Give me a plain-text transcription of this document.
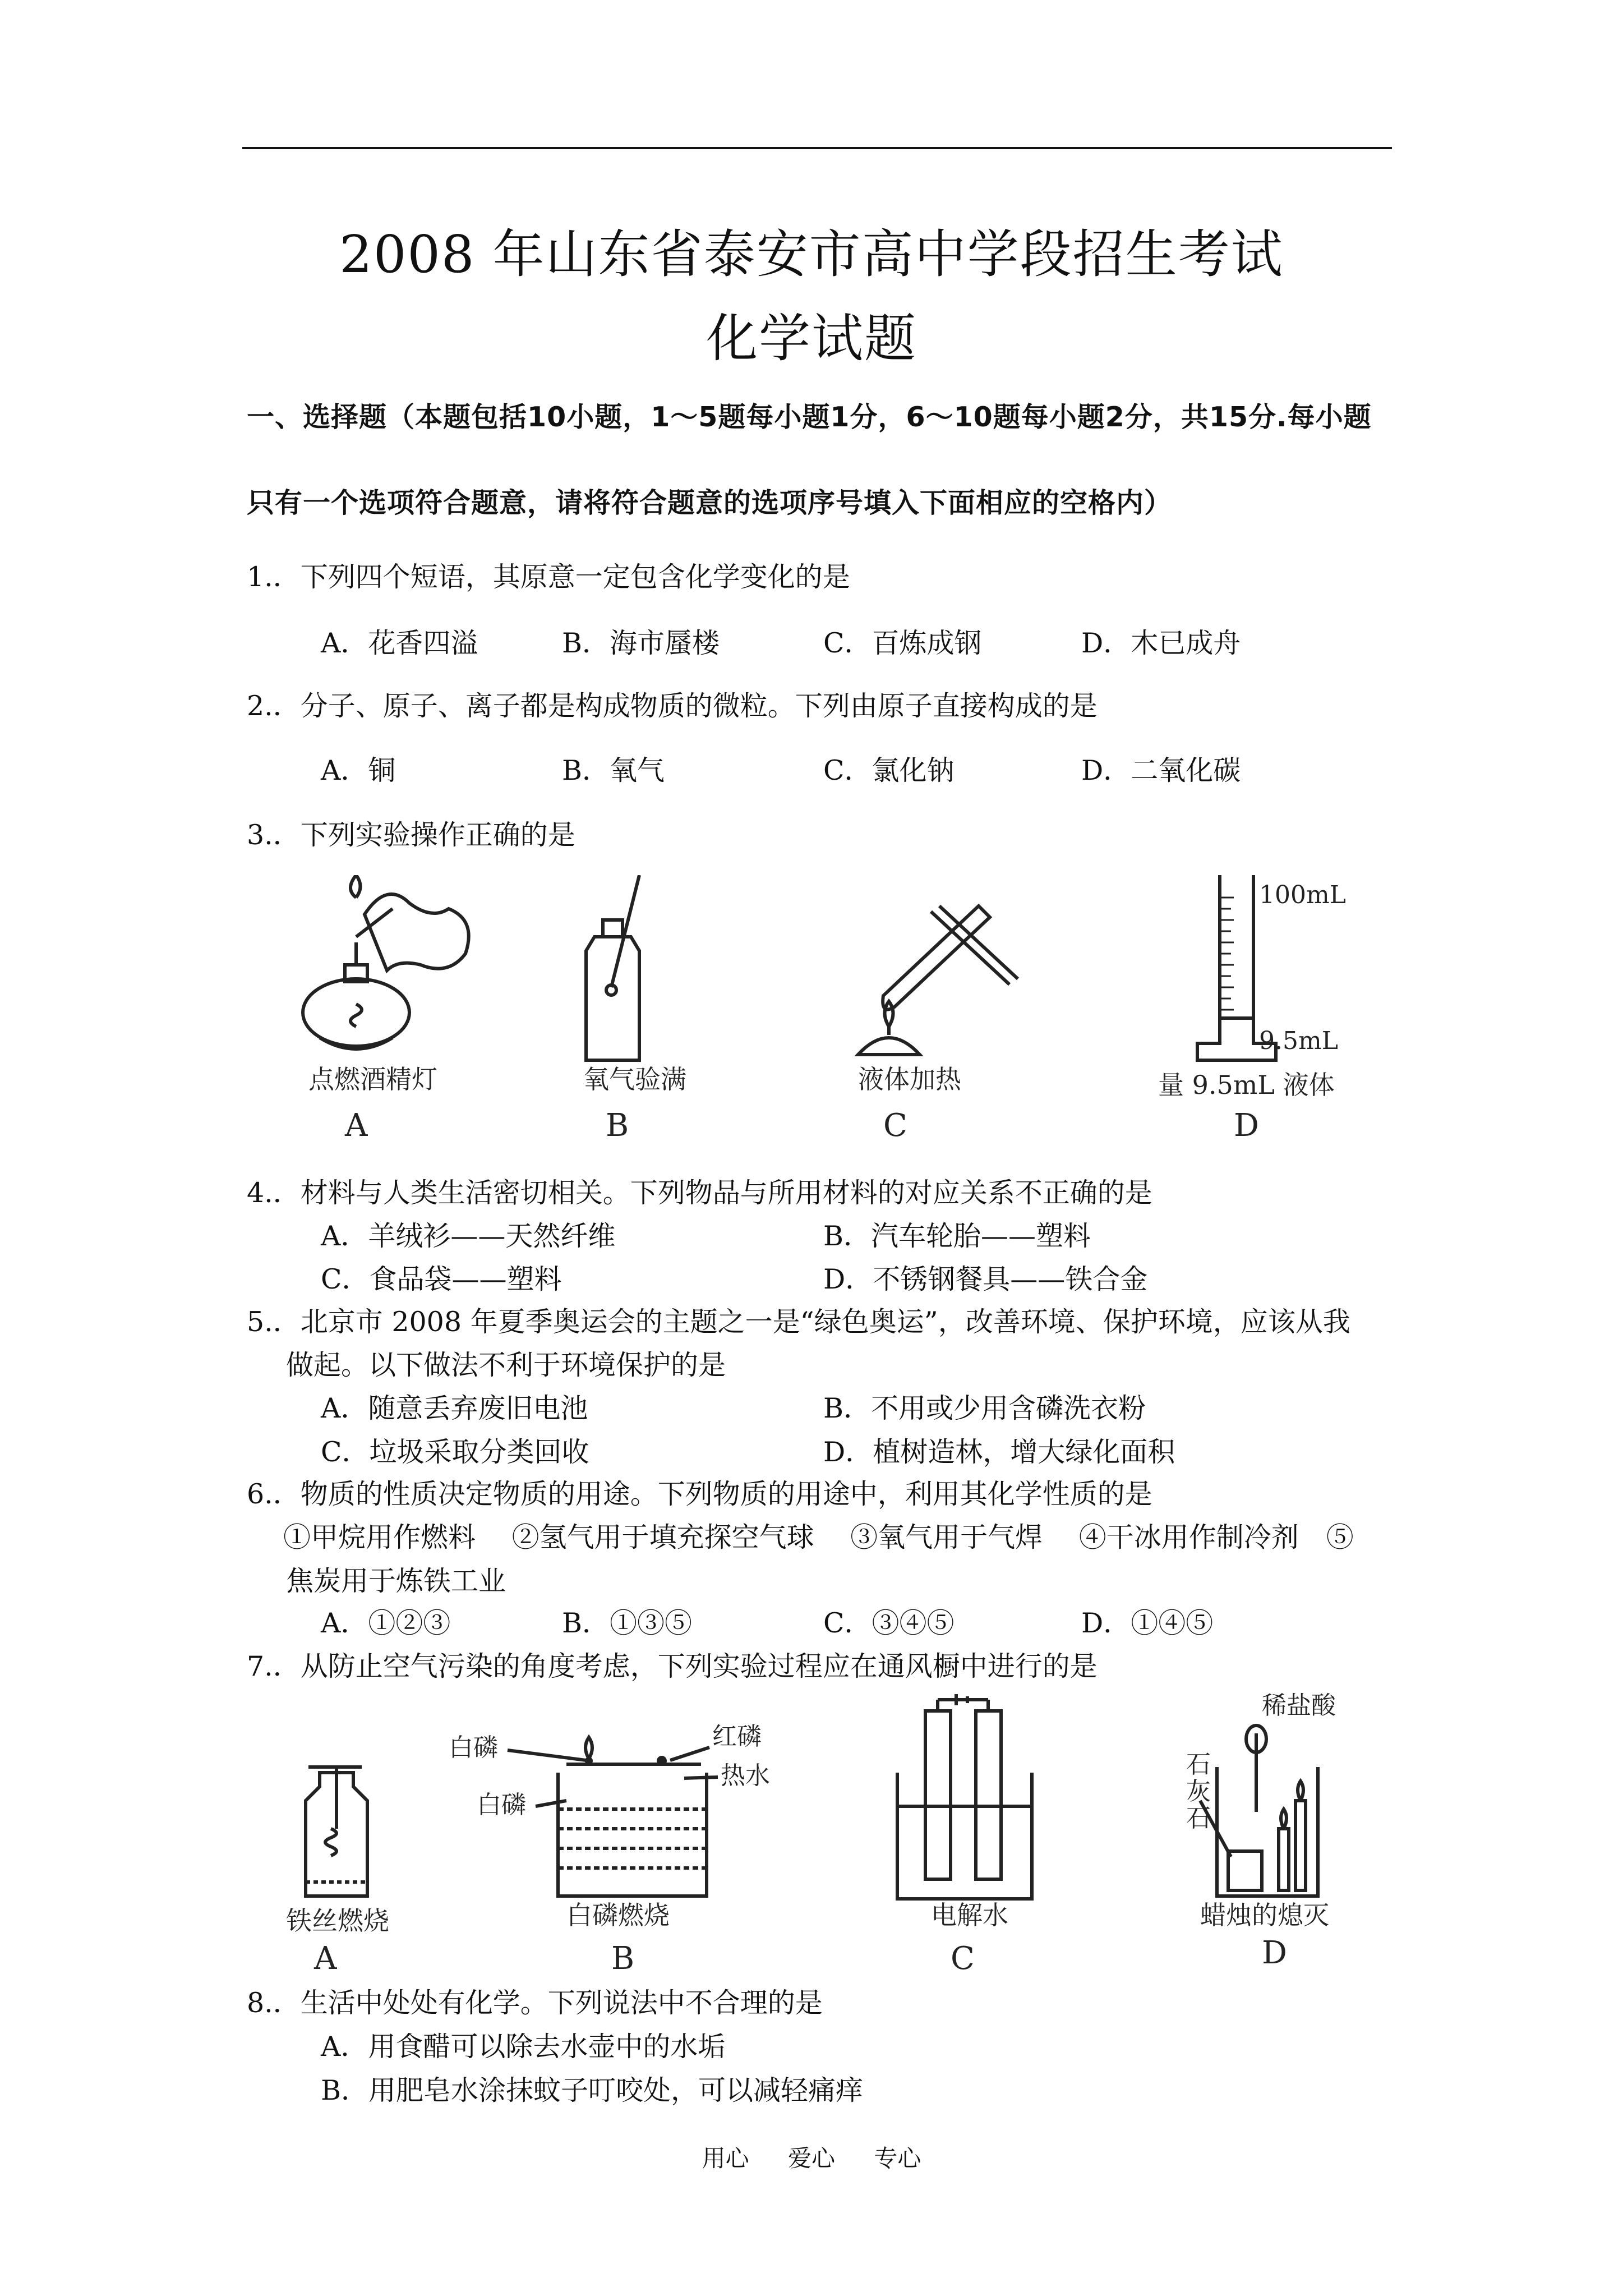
2008 年山东省泰安市高中学段招生考试
化学试题
一、选择题（本题包括10小题，1～5题每小题1分，6～10题每小题2分，共15分.每小题
只有一个选项符合题意，请将符合题意的选项序号填入下面相应的空格内）
1.．下列四个短语，其原意一定包含化学变化的是
A．花香四溢	B．海市蜃楼	C．百炼成钢	D．木已成舟
2.．分子、原子、离子都是构成物质的微粒。下列由原子直接构成的是
A．铜	B．氧气	C．氯化钠	D．二氧化碳
3.．下列实验操作正确的是
点燃酒精灯
A
氧气验满
B
液体加热
C
100mL
9.5mL
量 9.5mL 液体
D
4.．材料与人类生活密切相关。下列物品与所用材料的对应关系不正确的是
A．羊绒衫——天然纤维	B．汽车轮胎——塑料
C．食品袋——塑料	D．不锈钢餐具——铁合金
5.．北京市 2008 年夏季奥运会的主题之一是“绿色奥运”，改善环境、保护环境，应该从我
做起。以下做法不利于环境保护的是
A．随意丢弃废旧电池	B．不用或少用含磷洗衣粉
C．垃圾采取分类回收	D．植树造林，增大绿化面积
6.．物质的性质决定物质的用途。下列物质的用途中，利用其化学性质的是
①甲烷用作燃料　 ②氢气用于填充探空气球　 ③氧气用于气焊　 ④干冰用作制冷剂　⑤
焦炭用于炼铁工业
A．①②③	B．①③⑤	C．③④⑤	D．①④⑤
7.．从防止空气污染的角度考虑，下列实验过程应在通风橱中进行的是
铁丝燃烧
A
白磷	红磷
热水
白磷
白磷燃烧
B
电解水
C
稀盐酸
石
灰
石
蜡烛的熄灭
D
8.．生活中处处有化学。下列说法中不合理的是
A．用食醋可以除去水壶中的水垢
B．用肥皂水涂抹蚊子叮咬处，可以减轻痛痒
用心 爱心 专心
